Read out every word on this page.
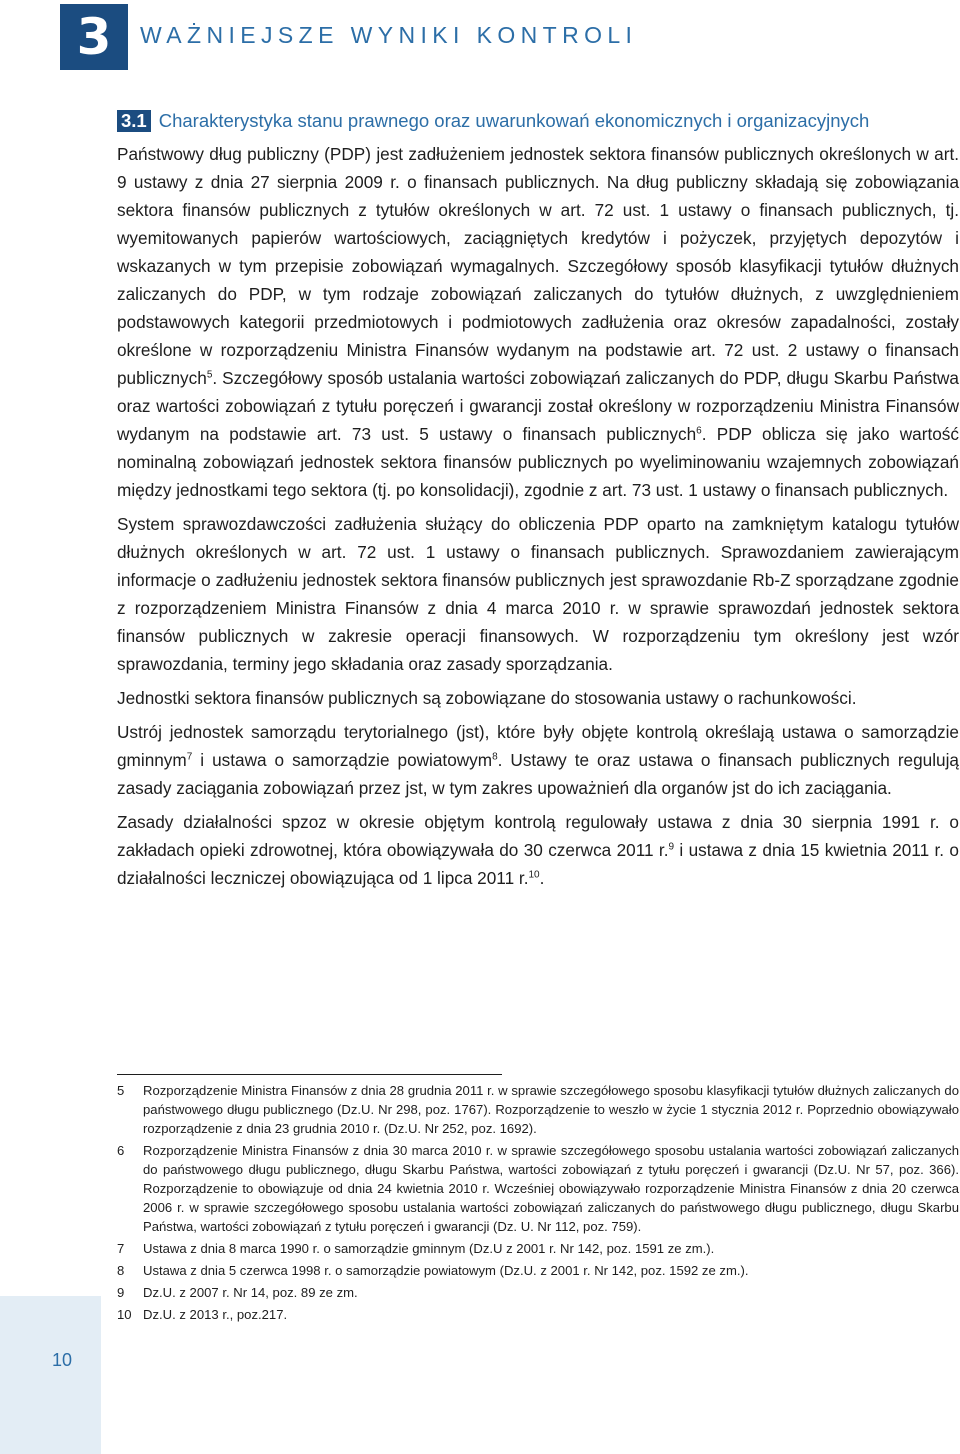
3	WAŻNIEJSZE WYNIKI KONTROLI
3.1 Charakterystyka stanu prawnego oraz uwarunkowań ekonomicznych i organizacyjnych

Państwowy dług publiczny (PDP) jest zadłużeniem jednostek sektora finansów publicznych określonych w art. 9 ustawy z dnia 27 sierpnia 2009 r. o finansach publicznych. Na dług publiczny składają się zobowiązania sektora finansów publicznych z tytułów określonych w art. 72 ust. 1 ustawy o finansach publicznych, tj. wyemitowanych papierów wartościowych, zaciągniętych kredytów i pożyczek, przyjętych depozytów i wskazanych w tym przepisie zobowiązań wymagalnych. Szczegółowy sposób klasyfikacji tytułów dłużnych zaliczanych do PDP, w tym rodzaje zobowiązań zaliczanych do tytułów dłużnych, z uwzględnieniem podstawowych kategorii przedmiotowych i podmiotowych zadłużenia oraz okresów zapadalności, zostały określone w rozporządzeniu Ministra Finansów wydanym na podstawie art. 72 ust. 2 ustawy o finansach publicznych$^5$. Szczegółowy sposób ustalania wartości zobowiązań zaliczanych do PDP, długu Skarbu Państwa oraz wartości zobowiązań z tytułu poręczeń i gwarancji został określony w rozporządzeniu Ministra Finansów wydanym na podstawie art. 73 ust. 5 ustawy o finansach publicznych$^6$. PDP oblicza się jako wartość nominalną zobowiązań jednostek sektora finansów publicznych po wyeliminowaniu wzajemnych zobowiązań między jednostkami tego sektora (tj. po konsolidacji), zgodnie z art. 73 ust. 1 ustawy o finansach publicznych.

System sprawozdawczości zadłużenia służący do obliczenia PDP oparto na zamkniętym katalogu tytułów dłużnych określonych w art. 72 ust. 1 ustawy o finansach publicznych. Sprawozdaniem zawierającym informacje o zadłużeniu jednostek sektora finansów publicznych jest sprawozdanie Rb-Z sporządzane zgodnie z rozporządzeniem Ministra Finansów z dnia 4 marca 2010 r. w sprawie sprawozdań jednostek sektora finansów publicznych w zakresie operacji finansowych. W rozporządzeniu tym określony jest wzór sprawozdania, terminy jego składania oraz zasady sporządzania.

Jednostki sektora finansów publicznych są zobowiązane do stosowania ustawy o rachunkowości.

Ustrój jednostek samorządu terytorialnego (jst), które były objęte kontrolą określają ustawa o samorządzie gminnym$^7$ i ustawa o samorządzie powiatowym$^8$. Ustawy te oraz ustawa o finansach publicznych regulują zasady zaciągania zobowiązań przez jst, w tym zakres upoważnień dla organów jst do ich zaciągania.

Zasady działalności spzoz w okresie objętym kontrolą regulowały ustawa z dnia 30 sierpnia 1991 r. o zakładach opieki zdrowotnej, która obowiązywała do 30 czerwca 2011 r.$^9$ i ustawa z dnia 15 kwietnia 2011 r. o działalności leczniczej obowiązująca od 1 lipca 2011 r.$^{10}$.

5	Rozporządzenie Ministra Finansów z dnia 28 grudnia 2011 r. w sprawie szczegółowego sposobu klasyfikacji tytułów dłużnych zaliczanych do państwowego długu publicznego (Dz.U. Nr 298, poz. 1767). Rozporządzenie to weszło w życie 1 stycznia 2012 r. Poprzednio obowiązywało rozporządzenie z dnia 23 grudnia 2010 r. (Dz.U. Nr 252, poz. 1692).
6	Rozporządzenie Ministra Finansów z dnia 30 marca 2010 r. w sprawie szczegółowego sposobu ustalania wartości zobowiązań zaliczanych do państwowego długu publicznego, długu Skarbu Państwa, wartości zobowiązań z tytułu poręczeń i gwarancji (Dz.U. Nr 57, poz. 366). Rozporządzenie to obowiązuje od dnia 24 kwietnia 2010 r. Wcześniej obowiązywało rozporządzenie Ministra Finansów z dnia 20 czerwca 2006 r. w sprawie szczegółowego sposobu ustalania wartości zobowiązań zaliczanych do państwowego długu publicznego, długu Skarbu Państwa, wartości zobowiązań z tytułu poręczeń i gwarancji (Dz. U. Nr 112, poz. 759).
7	Ustawa z dnia 8 marca 1990 r. o samorządzie gminnym (Dz.U z 2001 r. Nr 142, poz. 1591 ze zm.).
8	Ustawa z dnia 5 czerwca 1998 r. o samorządzie powiatowym (Dz.U. z 2001 r. Nr 142, poz. 1592 ze zm.).
9	Dz.U. z 2007 r. Nr 14, poz. 89 ze zm.
10 Dz.U. z 2013 r., poz.217.
10
